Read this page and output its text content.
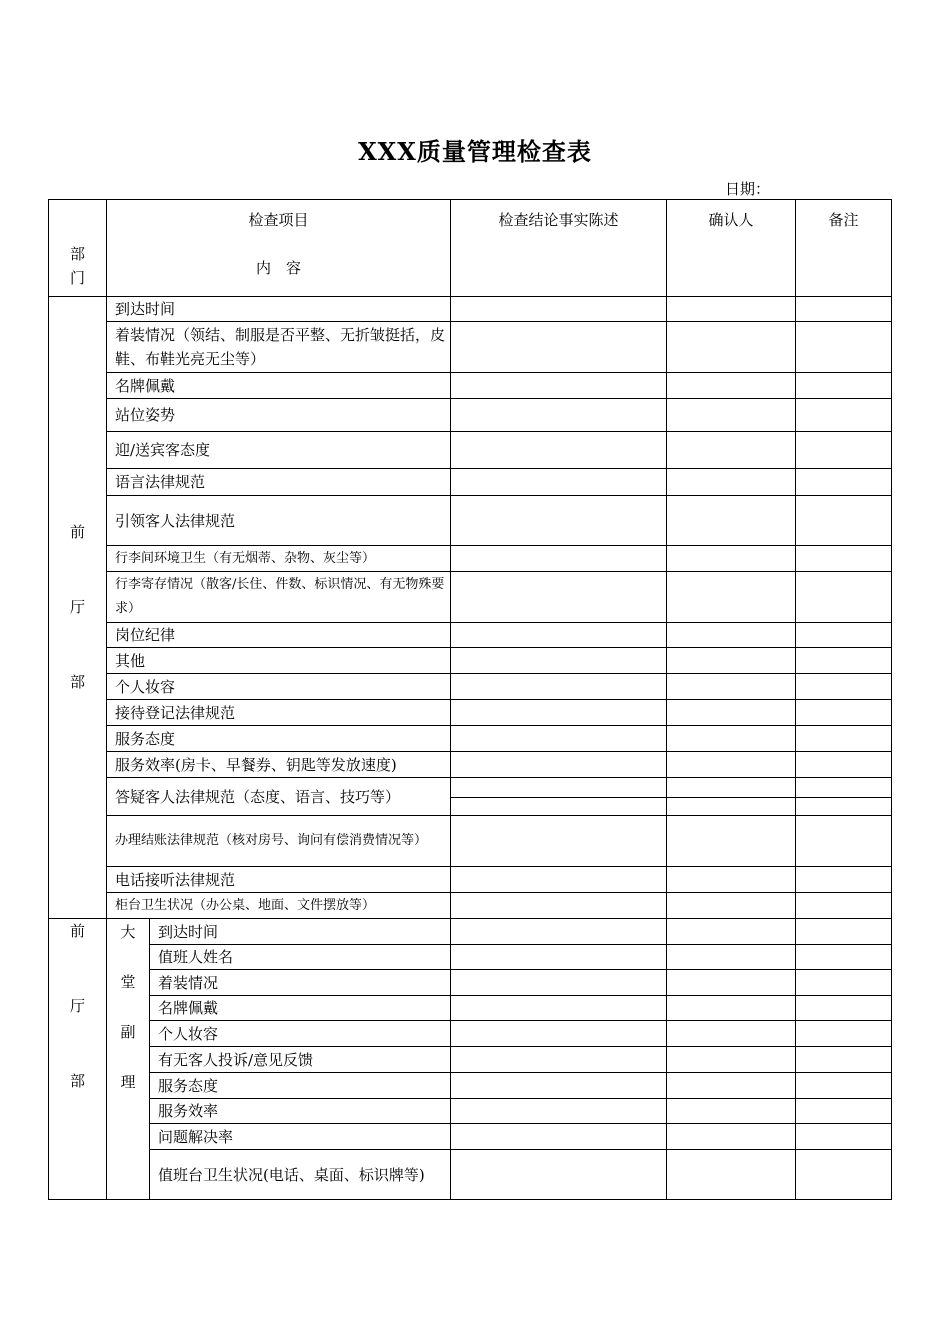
XXX质量管理检查表
日期：
部门	检查项目
内　容		检查结论事实陈述	确认人	备注

前厅部	到达时间				
	着装情况（领结、制服是否平整、无折皱挺括，皮鞋、布鞋光亮无尘等）				
	名牌佩戴				
	站位姿势				
	迎/送宾客态度				
	语言法律规范				
	引领客人法律规范				
	行李间环境卫生（有无烟蒂、杂物、灰尘等）				
	行李寄存情况（散客/长住、件数、标识情况、有无物殊要求）				
	岗位纪律				
	其他				
	个人妆容				
	接待登记法律规范				
	服务态度				
	服务效率(房卡、早餐券、钥匙等发放速度)				
	答疑客人法律规范（态度、语言、技巧等）		

	办理结账法律规范（核对房号、询问有偿消费情况等）				
	电话接听法律规范				
	柜台卫生状况（办公桌、地面、文件摆放等）				

前厅部	大堂副理	到达时间			
		值班人姓名			
		着装情况			
		名牌佩戴			
		个人妆容			
		有无客人投诉/意见反馈			
		服务态度			
		服务效率			
		问题解决率			
		值班台卫生状况(电话、桌面、标识牌等)			
